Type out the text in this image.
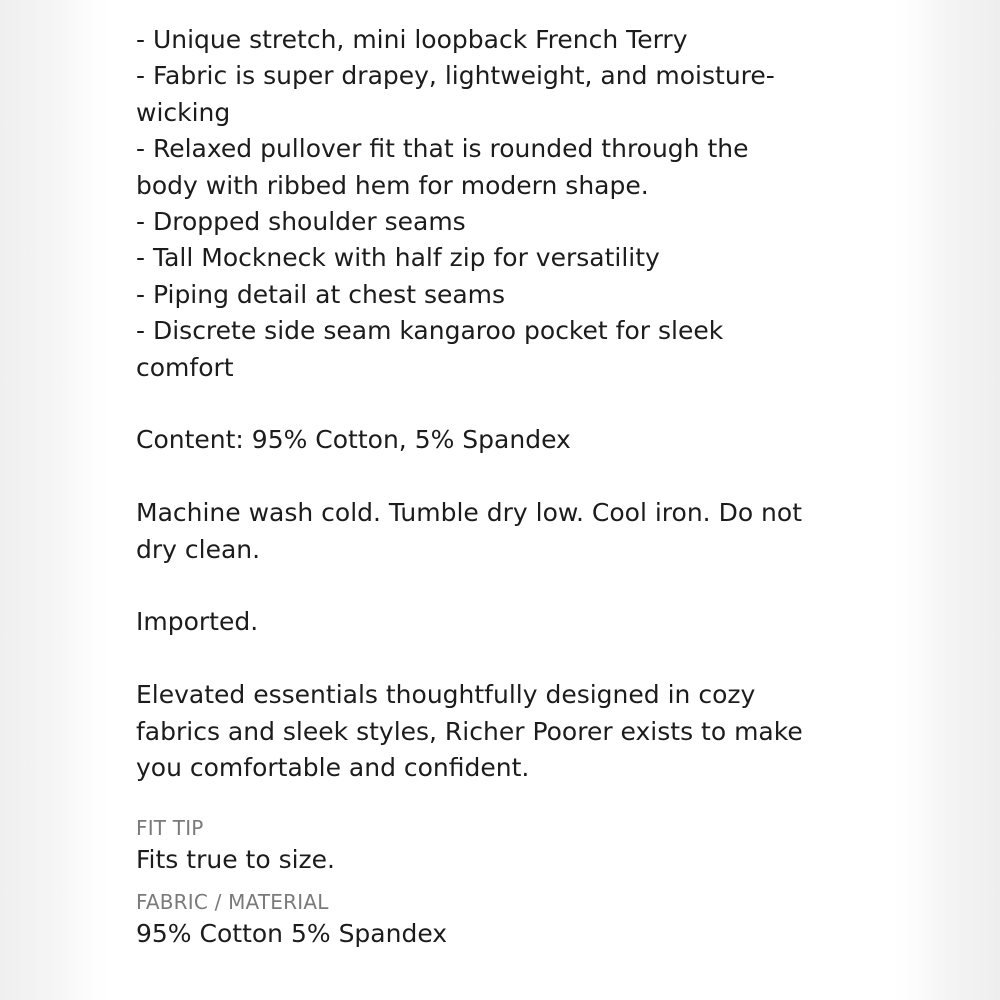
- Unique stretch, mini loopback French Terry
- Fabric is super drapey, lightweight, and moisture-
wicking
- Relaxed pullover fit that is rounded through the
body with ribbed hem for modern shape.
- Dropped shoulder seams
- Tall Mockneck with half zip for versatility
- Piping detail at chest seams
- Discrete side seam kangaroo pocket for sleek
comfort
Content: 95% Cotton, 5% Spandex
Machine wash cold. Tumble dry low. Cool iron. Do not
dry clean.
Imported.
Elevated essentials thoughtfully designed in cozy
fabrics and sleek styles, Richer Poorer exists to make
you comfortable and confident.
FIT TIP
Fits true to size.
FABRIC / MATERIAL
95% Cotton 5% Spandex
